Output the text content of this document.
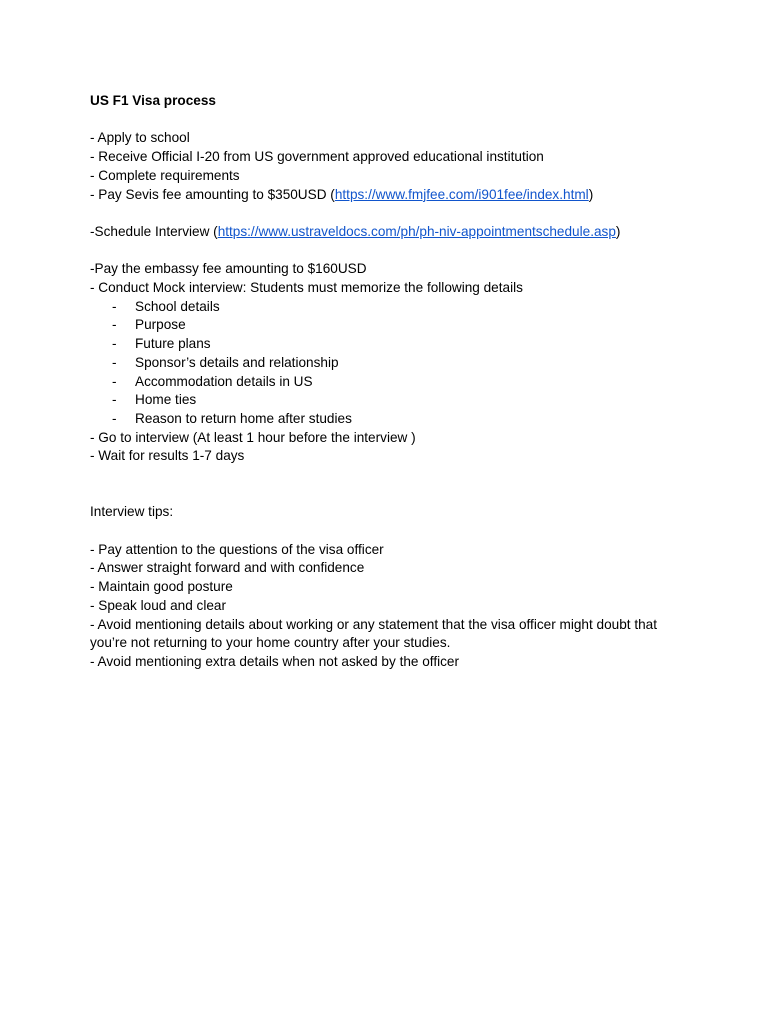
US F1 Visa process
- Apply to school
- Receive Official I-20 from US government approved educational institution
- Complete requirements
- Pay Sevis fee amounting to $350USD (https://www.fmjfee.com/i901fee/index.html)
-Schedule Interview (https://www.ustraveldocs.com/ph/ph-niv-appointmentschedule.asp)
-Pay the embassy fee amounting to $160USD
- Conduct Mock interview: Students must memorize the following details
- School details
- Purpose
- Future plans
- Sponsor’s details and relationship
- Accommodation details in US
- Home ties
- Reason to return home after studies
- Go to interview (At least 1 hour before the interview )
- Wait for results 1-7 days
Interview tips:
- Pay attention to the questions of the visa officer
- Answer straight forward and with confidence
- Maintain good posture
- Speak loud and clear
- Avoid mentioning details about working or any statement that the visa officer might doubt that you’re not returning to your home country after your studies.
- Avoid mentioning extra details when not asked by the officer
